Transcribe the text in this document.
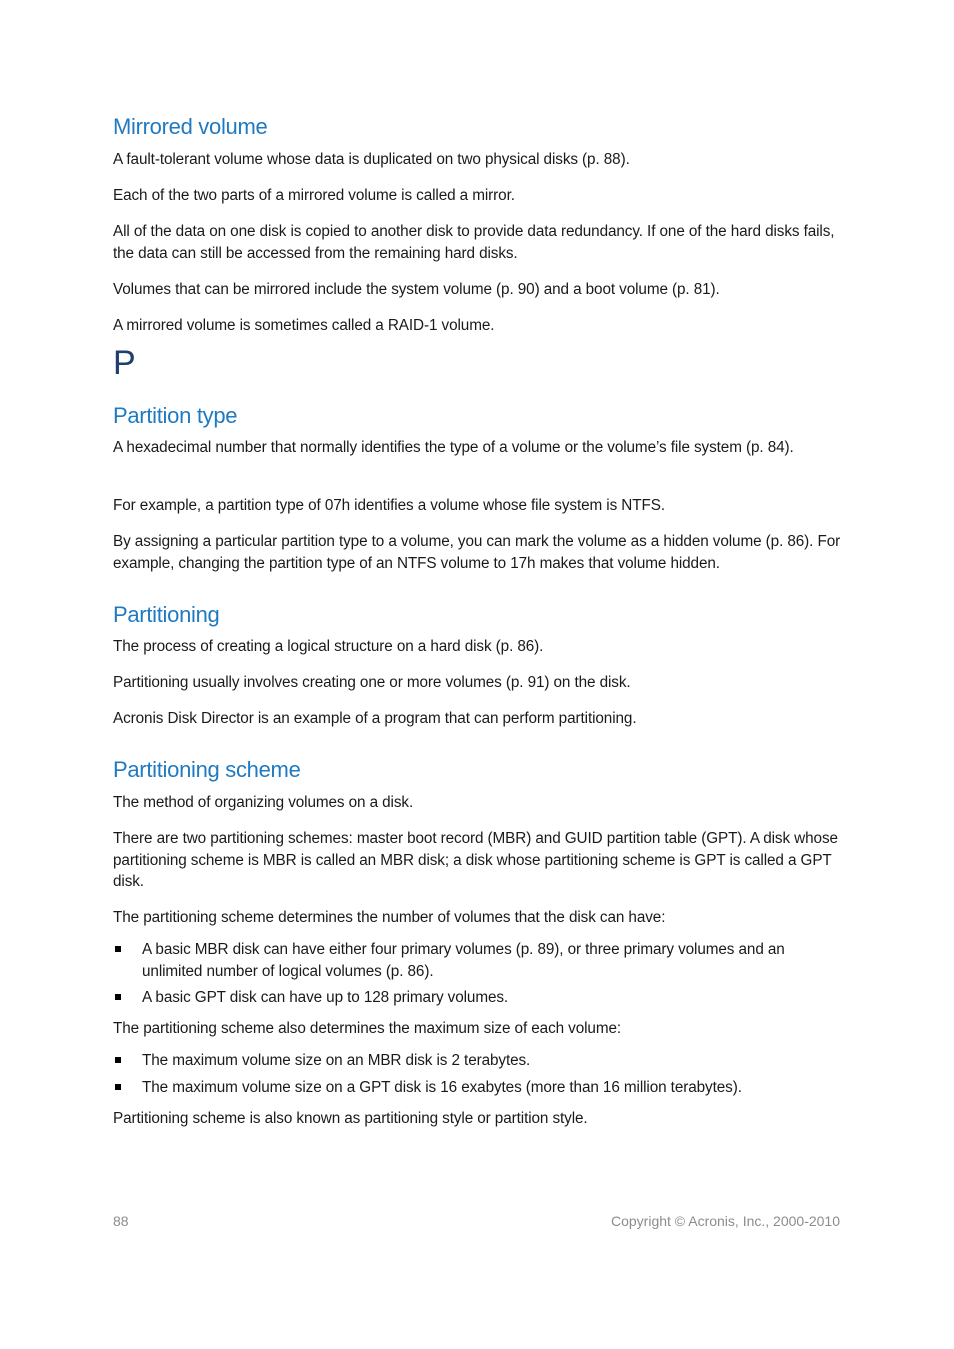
Mirrored volume

A fault-tolerant volume whose data is duplicated on two physical disks (p. 88).

Each of the two parts of a mirrored volume is called a mirror.

All of the data on one disk is copied to another disk to provide data redundancy. If one of the hard disks fails, the data can still be accessed from the remaining hard disks.

Volumes that can be mirrored include the system volume (p. 90) and a boot volume (p. 81).

A mirrored volume is sometimes called a RAID-1 volume.

P
Partition type

A hexadecimal number that normally identifies the type of a volume or the volume’s file system (p. 84).

For example, a partition type of 07h identifies a volume whose file system is NTFS.

By assigning a particular partition type to a volume, you can mark the volume as a hidden volume (p. 86). For example, changing the partition type of an NTFS volume to 17h makes that volume hidden.

Partitioning

The process of creating a logical structure on a hard disk (p. 86).

Partitioning usually involves creating one or more volumes (p. 91) on the disk.

Acronis Disk Director is an example of a program that can perform partitioning.

Partitioning scheme

The method of organizing volumes on a disk.

There are two partitioning schemes: master boot record (MBR) and GUID partition table (GPT). A disk whose partitioning scheme is MBR is called an MBR disk; a disk whose partitioning scheme is GPT is called a GPT disk.

The partitioning scheme determines the number of volumes that the disk can have:

A basic MBR disk can have either four primary volumes (p. 89), or three primary volumes and an unlimited number of logical volumes (p. 86).

A basic GPT disk can have up to 128 primary volumes.

The partitioning scheme also determines the maximum size of each volume:

The maximum volume size on an MBR disk is 2 terabytes.

The maximum volume size on a GPT disk is 16 exabytes (more than 16 million terabytes).

Partitioning scheme is also known as partitioning style or partition style.

88	Copyright © Acronis, Inc., 2000-2010
